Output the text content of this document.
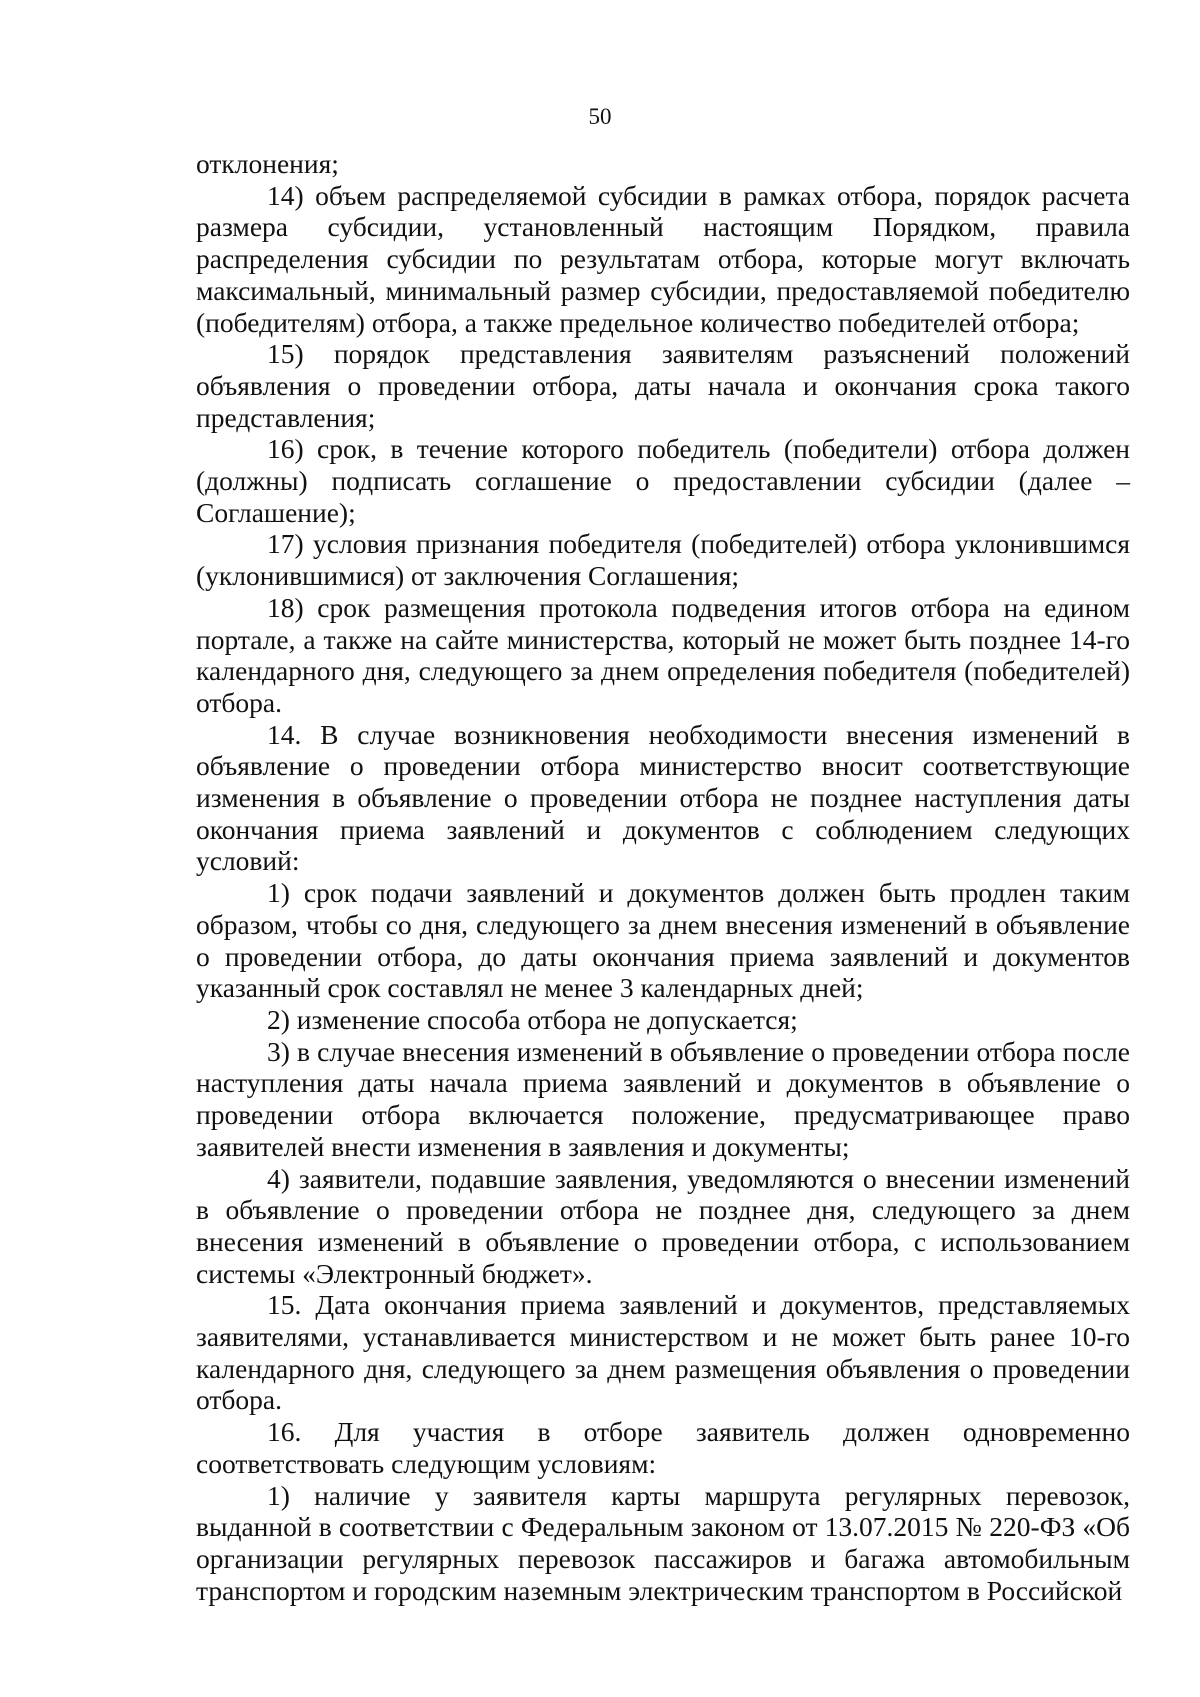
50

отклонения;

14) объем распределяемой субсидии в рамках отбора, порядок расчета размера субсидии, установленный настоящим Порядком, правила распределения субсидии по результатам отбора, которые могут включать максимальный, минимальный размер субсидии, предоставляемой победителю (победителям) отбора, а также предельное количество победителей отбора;

15) порядок представления заявителям разъяснений положений объявления о проведении отбора, даты начала и окончания срока такого представления;

16) срок, в течение которого победитель (победители) отбора должен (должны) подписать соглашение о предоставлении субсидии (далее – Соглашение);

17) условия признания победителя (победителей) отбора уклонившимся (уклонившимися) от заключения Соглашения;

18) срок размещения протокола подведения итогов отбора на едином портале, а также на сайте министерства, который не может быть позднее 14-го календарного дня, следующего за днем определения победителя (победителей) отбора.

14. В случае возникновения необходимости внесения изменений в объявление о проведении отбора министерство вносит соответствующие изменения в объявление о проведении отбора не позднее наступления даты окончания приема заявлений и документов с соблюдением следующих условий:

1) срок подачи заявлений и документов должен быть продлен таким образом, чтобы со дня, следующего за днем внесения изменений в объявление о проведении отбора, до даты окончания приема заявлений и документов указанный срок составлял не менее 3 календарных дней;

2) изменение способа отбора не допускается;

3) в случае внесения изменений в объявление о проведении отбора после наступления даты начала приема заявлений и документов в объявление о проведении отбора включается положение, предусматривающее право заявителей внести изменения в заявления и документы;

4) заявители, подавшие заявления, уведомляются о внесении изменений в объявление о проведении отбора не позднее дня, следующего за днем внесения изменений в объявление о проведении отбора, с использованием системы «Электронный бюджет».

15. Дата окончания приема заявлений и документов, представляемых заявителями, устанавливается министерством и не может быть ранее 10-го календарного дня, следующего за днем размещения объявления о проведении отбора.

16. Для участия в отборе заявитель должен одновременно соответствовать следующим условиям:

1) наличие у заявителя карты маршрута регулярных перевозок, выданной в соответствии с Федеральным законом от 13.07.2015 № 220-ФЗ «Об организации регулярных перевозок пассажиров и багажа автомобильным транспортом и городским наземным электрическим транспортом в Российской
